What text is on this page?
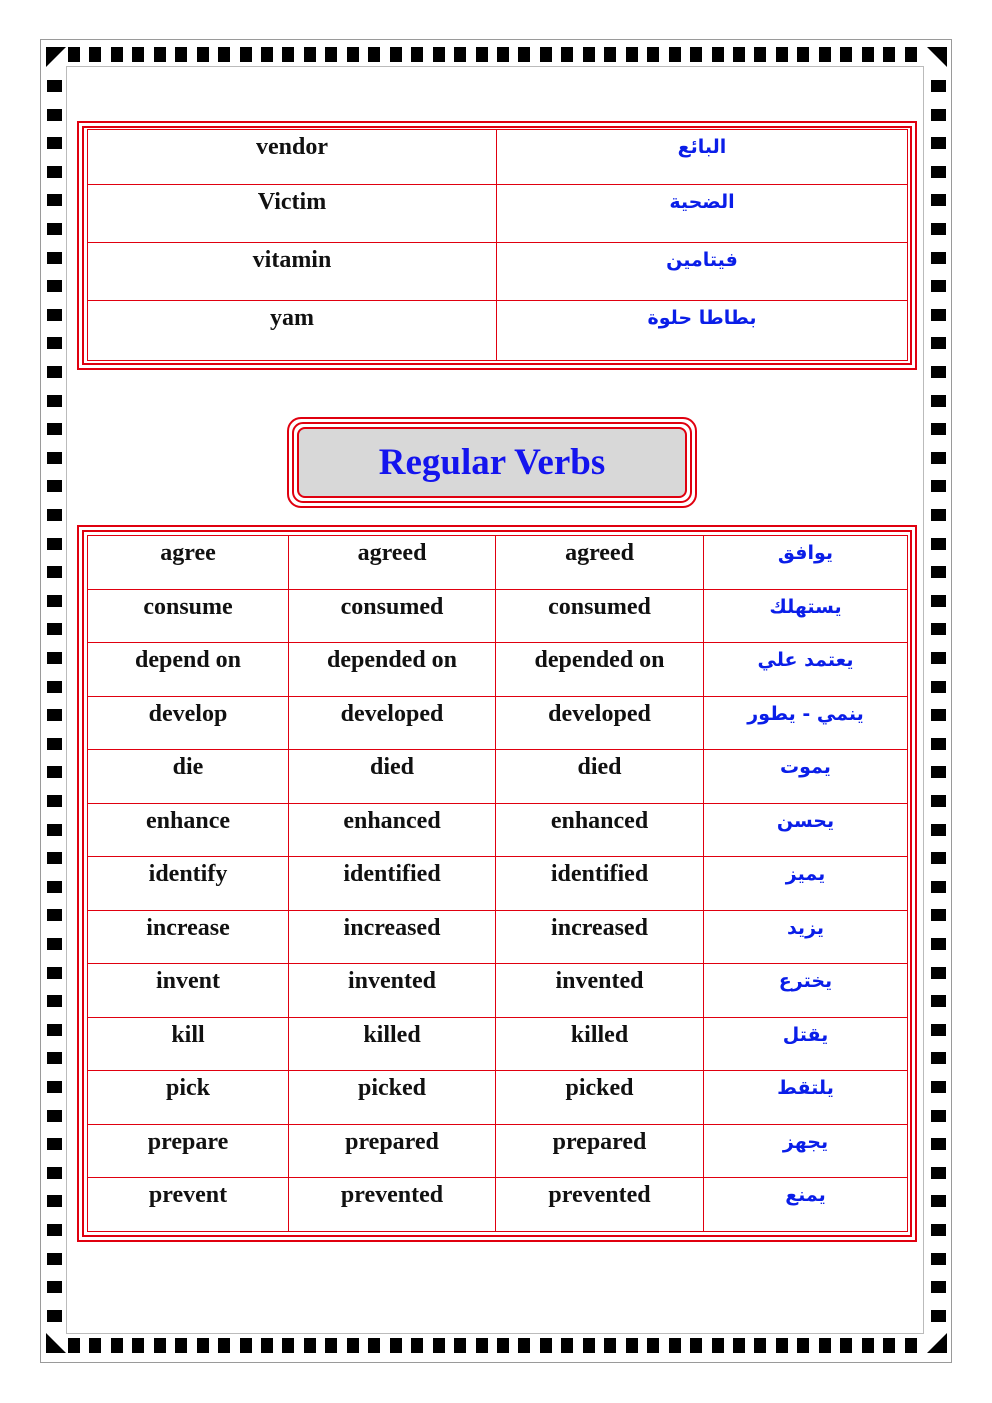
vendor	البائع

Victim	الضحية

vitamin	فيتامين

yam	بطاطا حلوة
Regular Verbs
agree	agreed	agreed	يوافق

consume	consumed	consumed	يستهلك

depend on	depended on	depended on	يعتمد علي

develop	developed	developed	ينمي - يطور

die	died	died	يموت

enhance	enhanced	enhanced	يحسن

identify	identified	identified	يميز

increase	increased	increased	يزيد

invent	invented	invented	يخترع

kill	killed	killed	يقتل

pick	picked	picked	يلتقط

prepare	prepared	prepared	يجهز

prevent	prevented	prevented	يمنع
